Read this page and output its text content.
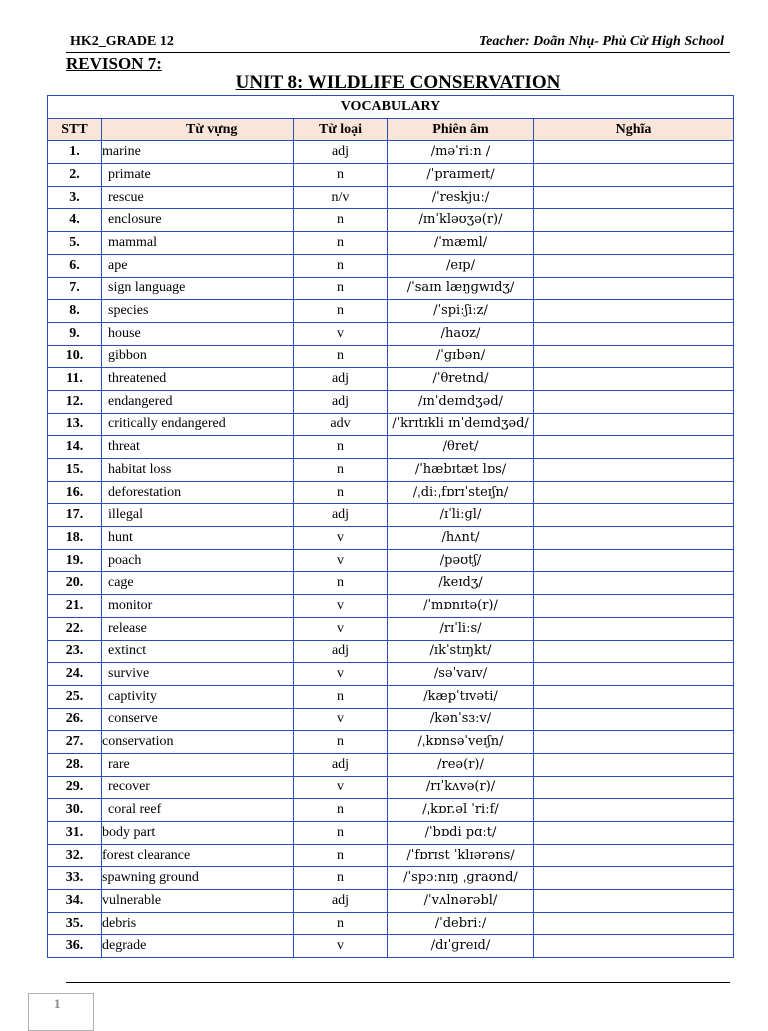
HK2_GRADE 12	Teacher: Doãn Nhụ- Phù Cừ High School
REVISON 7:
UNIT 8: WILDLIFE CONSERVATION
VOCABULARY				
STT	Từ vựng	Từ loại	Phiên âm	Nghĩa
1.	marine	adj	/məˈriːn /	
2.	primate	n	/ˈpraɪmeɪt/	
3.	rescue	n/v	/ˈreskjuː/	
4.	enclosure	n	/ɪnˈkləʊʒə(r)/	
5.	mammal	n	/ˈmæml/	
6.	ape	n	/eɪp/	
7.	sign language	n	/ˈsaɪn læŋɡwɪdʒ/	
8.	species	n	/ˈspiːʃiːz/	
9.	house	v	/haʊz/	
10.	gibbon	n	/ˈɡɪbən/	
11.	threatened	adj	/ˈθretnd/	
12.	endangered	adj	/ɪnˈdeɪndʒəd/	
13.	critically endangered	adv	/ˈkrɪtɪkli ɪnˈdeɪndʒəd/	
14.	threat	n	/θret/	
15.	habitat loss	n	/ˈhæbɪtæt lɒs/	
16.	deforestation	n	/ˌdiːˌfɒrɪˈsteɪʃn/	
17.	illegal	adj	/ɪˈliːɡl/	
18.	hunt	v	/hʌnt/	
19.	poach	v	/pəʊtʃ/	
20.	cage	n	/keɪdʒ/	
21.	monitor	v	/ˈmɒnɪtə(r)/	
22.	release	v	/rɪˈliːs/	
23.	extinct	adj	/ɪkˈstɪŋkt/	
24.	survive	v	/səˈvaɪv/	
25.	captivity	n	/kæpˈtɪvəti/	
26.	conserve	v	/kənˈsɜːv/	
27.	conservation	n	/ˌkɒnsəˈveɪʃn/	
28.	rare	adj	/reə(r)/	
29.	recover	v	/rɪˈkʌvə(r)/	
30.	coral reef	n	/ˌkɒr.əl ˈriːf/	
31.	body part	n	/ˈbɒdi pɑːt/	
32.	forest clearance	n	/ˈfɒrɪst ˈklɪərəns/	
33.	spawning ground	n	/ˈspɔːnɪŋ ˌɡraʊnd/	
34.	vulnerable	adj	/ˈvʌlnərəbl/	
35.	debris	n	/ˈdebriː/	
36.	degrade	v	/dɪˈɡreɪd/	
1
